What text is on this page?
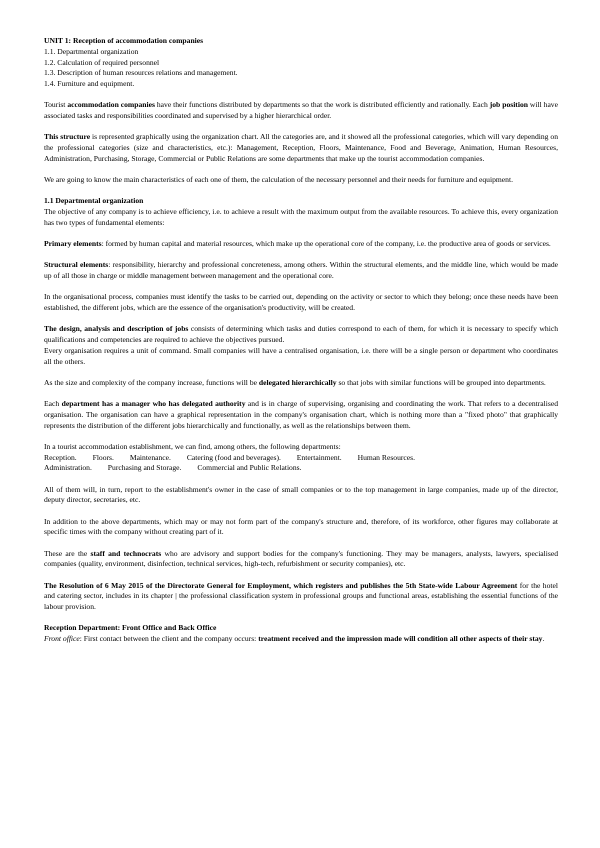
UNIT 1: Reception of accommodation companies

1.1. Departmental organization

1.2. Calculation of required personnel

1.3. Description of human resources relations and management.

1.4. Furniture and equipment.

Tourist accommodation companies have their functions distributed by departments so that the work is distributed efficiently and rationally. Each job position will have associated tasks and responsibilities coordinated and supervised by a higher hierarchical order.

This structure is represented graphically using the organization chart. All the categories are, and it showed all the professional categories, which will vary depending on the professional categories (size and characteristics, etc.): Management, Reception, Floors, Maintenance, Food and Beverage, Animation, Human Resources, Administration, Purchasing, Storage, Commercial or Public Relations are some departments that make up the tourist accommodation companies.

We are going to know the main characteristics of each one of them, the calculation of the necessary personnel and their needs for furniture and equipment.

1.1 Departmental organization

The objective of any company is to achieve efficiency, i.e. to achieve a result with the maximum output from the available resources. To achieve this, every organization has two types of fundamental elements:

Primary elements: formed by human capital and material resources, which make up the operational core of the company, i.e. the productive area of goods or services.

Structural elements: responsibility, hierarchy and professional concreteness, among others. Within the structural elements, and the middle line, which would be made up of all those in charge or middle management between management and the operational core.

In the organisational process, companies must identify the tasks to be carried out, depending on the activity or sector to which they belong; once these needs have been established, the different jobs, which are the essence of the organisation's productivity, will be created.

The design, analysis and description of jobs consists of determining which tasks and duties correspond to each of them, for which it is necessary to specify which qualifications and competencies are required to achieve the objectives pursued.

Every organisation requires a unit of command. Small companies will have a centralised organisation, i.e. there will be a single person or department who coordinates all the others.

As the size and complexity of the company increase, functions will be delegated hierarchically so that jobs with similar functions will be grouped into departments.

Each department has a manager who has delegated authority and is in charge of supervising, organising and coordinating the work. That refers to a decentralised organisation. The organisation can have a graphical representation in the company's organisation chart, which is nothing more than a "fixed photo" that graphically represents the distribution of the different jobs hierarchically and functionally, as well as the relationships between them.

In a tourist accommodation establishment, we can find, among others, the following departments:

Reception. Floors. Maintenance. Catering (food and beverages). Entertainment. Human Resources.

Administration. Purchasing and Storage. Commercial and Public Relations.

All of them will, in turn, report to the establishment's owner in the case of small companies or to the top management in large companies, made up of the director, deputy director, secretaries, etc.

In addition to the above departments, which may or may not form part of the company's structure and, therefore, of its workforce, other figures may collaborate at specific times with the company without creating part of it.

These are the staff and technocrats who are advisory and support bodies for the company's functioning. They may be managers, analysts, lawyers, specialised companies (quality, environment, disinfection, technical services, high-tech, refurbishment or security companies), etc.

The Resolution of 6 May 2015 of the Directorate General for Employment, which registers and publishes the 5th State-wide Labour Agreement for the hotel and catering sector, includes in its chapter | the professional classification system in professional groups and functional areas, establishing the essential functions of the labour provision.

Reception Department: Front Office and Back Office

Front office: First contact between the client and the company occurs: treatment received and the impression made will condition all other aspects of their stay.
